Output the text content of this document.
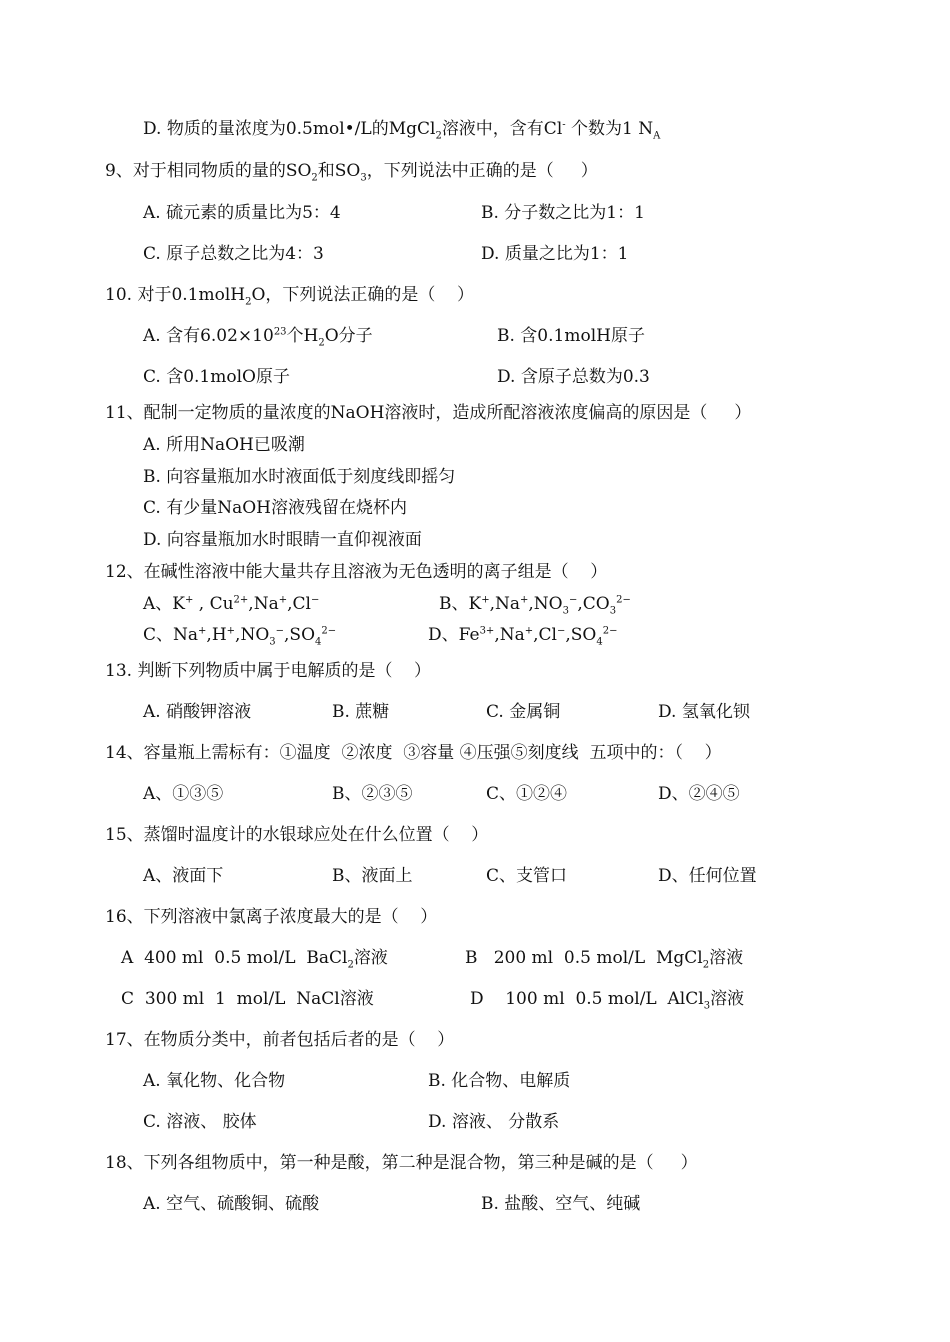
D. 物质的量浓度为0.5mol•/L的MgCl$_2$溶液中，含有Cl- 个数为1 $N_A$
9、对于相同物质的量的$SO_2$和$SO_3$，下列说法中正确的是（     ）
A. 硫元素的质量比为5：4	B. 分子数之比为1：1
C. 原子总数之比为4：3	D. 质量之比为1：1
10. 对于0.1molH$_2$O，下列说法正确的是（    ）
A. 含有$6.02\times 10^{23}$个$H_2O$分子	B. 含0.1molH原子
C. 含0.1molO原子	D. 含原子总数为0.3
11、配制一定物质的量浓度的NaOH溶液时，造成所配溶液浓度偏高的原因是（     ）
A. 所用NaOH已吸潮
B. 向容量瓶加水时液面低于刻度线即摇匀
C. 有少量NaOH溶液残留在烧杯内
D. 向容量瓶加水时眼睛一直仰视液面
12、在碱性溶液中能大量共存且溶液为无色透明的离子组是（    ）
A、K+ , $Cu^{2+},Na^+,Cl^-$	B、$K^+,Na^+,NO_3^-,CO_3^{2-}$
C、$Na^+,H^+,NO_3^-,SO_4^{2-}$	D、$Fe^{3+},Na^+,Cl^-,SO_4^{2-}$
13. 判断下列物质中属于电解质的是（    ）
A. 硝酸钾溶液	B. 蔗糖	C. 金属铜	D. 氢氧化钡
14、容量瓶上需标有：①温度  ②浓度  ③容量 ④压强⑤刻度线  五项中的：（    ）
A、①③⑤	B、②③⑤	C、①②④	D、②④⑤
15、蒸馏时温度计的水银球应处在什么位置（    ）
A、液面下	B、液面上	C、支管口	D、任何位置
16、下列溶液中氯离子浓度最大的是（    ）
A  400 ml  0.5 mol/L  BaCl$_2$溶液	B   200 ml  0.5 mol/L  MgCl$_2$溶液
C  300 ml  1  mol/L  NaCl溶液	D    100 ml  0.5 mol/L  AlCl$_3$溶液
17、在物质分类中，前者包括后者的是（    ）
A. 氧化物、化合物	B. 化合物、电解质
C. 溶液、 胶体	D. 溶液、 分散系
18、下列各组物质中，第一种是酸，第二种是混合物，第三种是碱的是（     ）
A. 空气、硫酸铜、硫酸	B. 盐酸、空气、纯碱
